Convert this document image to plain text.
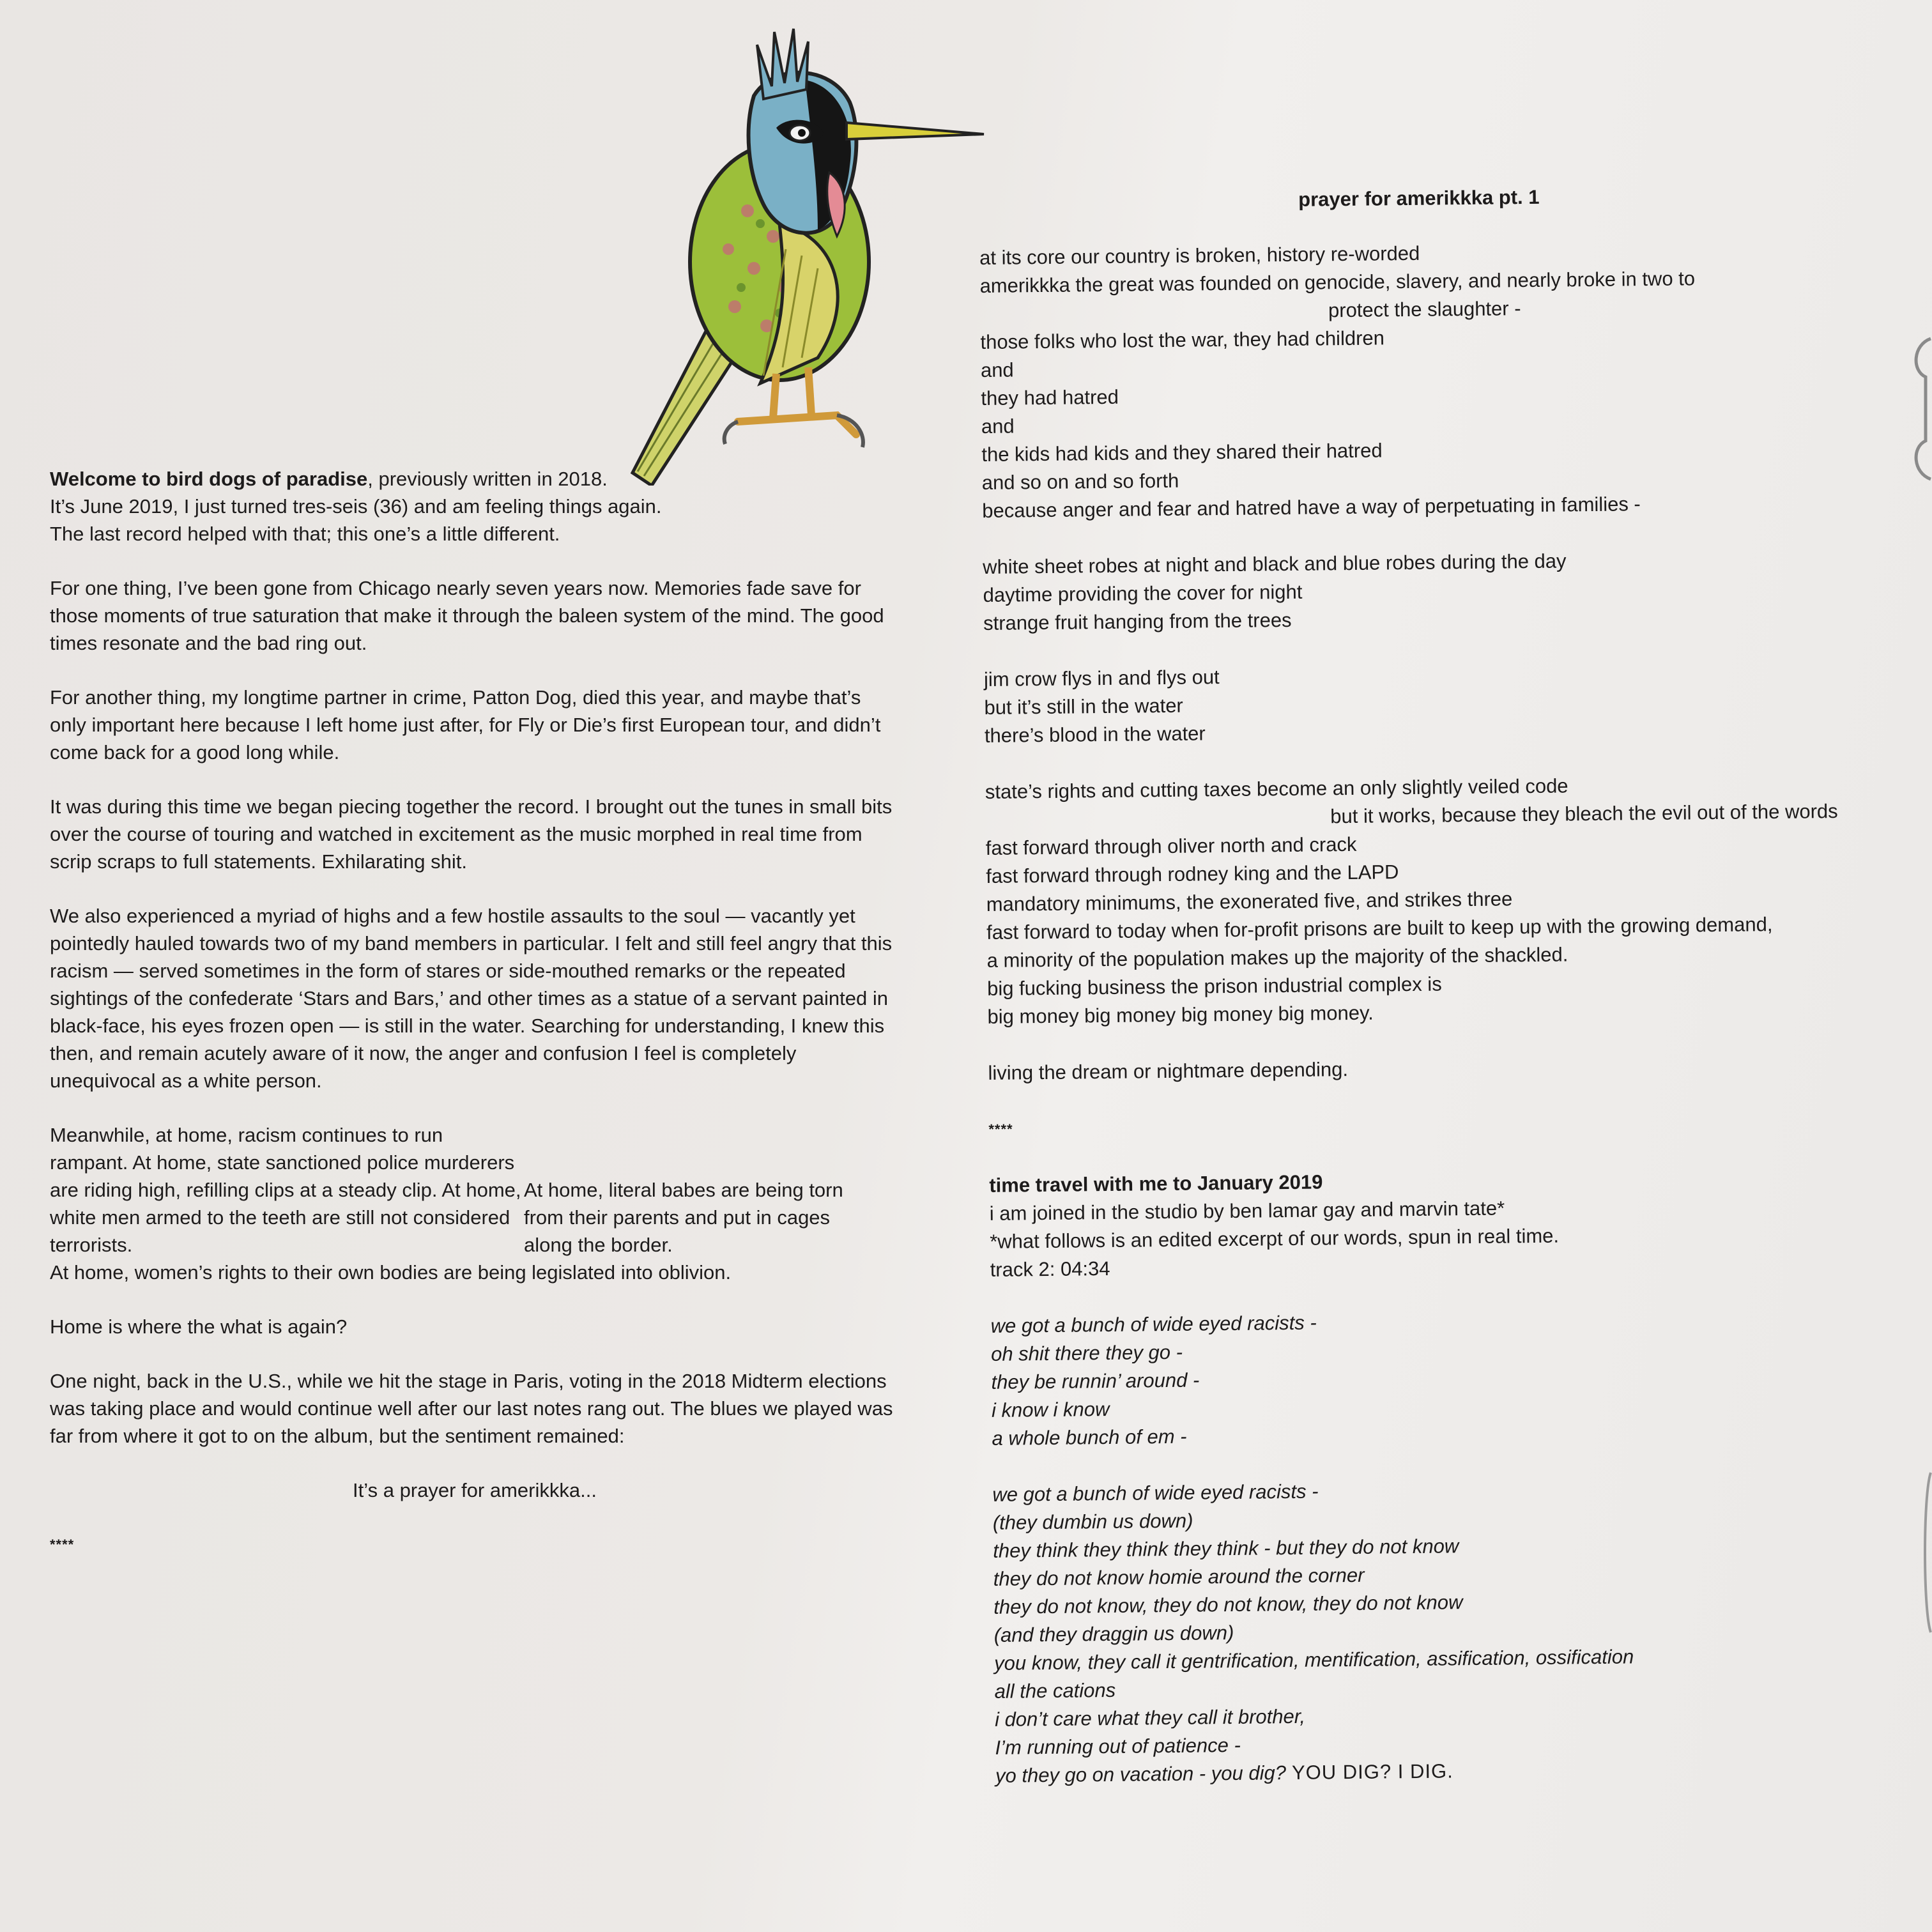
Welcome to bird dogs of paradise, previously written in 2018.
It’s June 2019, I just turned tres-seis (36) and am feeling things again.
The last record helped with that; this one’s a little different.

For one thing, I’ve been gone from Chicago nearly seven years now. Memories fade save for those moments of true saturation that make it through the baleen system of the mind. The good times resonate and the bad ring out.

For another thing, my longtime partner in crime, Patton Dog, died this year, and maybe that’s only important here because I left home just after, for Fly or Die’s first European tour, and didn’t come back for a good long while.

It was during this time we began piecing together the record. I brought out the tunes in small bits over the course of touring and watched in excitement as the music morphed in real time from scrip scraps to full statements. Exhilarating shit.

We also experienced a myriad of highs and a few hostile assaults to the soul — vacantly yet pointedly hauled towards two of my band members in particular. I felt and still feel angry that this racism — served sometimes in the form of stares or side-mouthed remarks or the repeated sightings of the confederate ‘Stars and Bars,’ and other times as a statue of a servant painted in black-face, his eyes frozen open — is still in the water. Searching for understanding, I knew this then, and remain acutely aware of it now, the anger and confusion I feel is completely unequivocal as a white person.

Meanwhile, at home, racism continues to run rampant. At home, state sanctioned police murderers are riding high, refilling clips at a steady clip. At home, white men armed to the teeth are still not considered terrorists.
At home, literal babes are being torn from their parents and put in cages along the border.
At home, women’s rights to their own bodies are being legislated into oblivion.

Home is where the what is again?

One night, back in the U.S., while we hit the stage in Paris, voting in the 2018 Midterm elections was taking place and would continue well after our last notes rang out. The blues we played was far from where it got to on the album, but the sentiment remained:

It’s a prayer for amerikkka...

****

prayer for amerikkka pt. 1
at its core our country is broken, history re-worded
amerikkka the great was founded on genocide, slavery, and nearly broke in two to
protect the slaughter -
those folks who lost the war, they had children
and
they had hatred
and
the kids had kids and they shared their hatred
and so on and so forth
because anger and fear and hatred have a way of perpetuating in families -
white sheet robes at night and black and blue robes during the day
daytime providing the cover for night
strange fruit hanging from the trees
jim crow flys in and flys out
but it’s still in the water
there’s blood in the water
state’s rights and cutting taxes become an only slightly veiled code
but it works, because they bleach the evil out of the words
fast forward through oliver north and crack
fast forward through rodney king and the LAPD
mandatory minimums, the exonerated five, and strikes three
fast forward to today when for-profit prisons are built to keep up with the growing demand,
a minority of the population makes up the majority of the shackled.
big fucking business the prison industrial complex is
big money big money big money big money.
living the dream or nightmare depending.
****
time travel with me to January 2019
i am joined in the studio by ben lamar gay and marvin tate*
*what follows is an edited excerpt of our words, spun in real time.
track 2: 04:34
we got a bunch of wide eyed racists -
oh shit there they go -
they be runnin’ around -
i know i know
a whole bunch of em -
we got a bunch of wide eyed racists -
(they dumbin us down)
they think they think they think - but they do not know
they do not know homie around the corner
they do not know, they do not know, they do not know
(and they draggin us down)
you know, they call it gentrification, mentification, assification, ossification
all the cations
i don’t care what they call it brother,
I’m running out of patience -
yo they go on vacation - you dig? YOU DIG? I DIG.
